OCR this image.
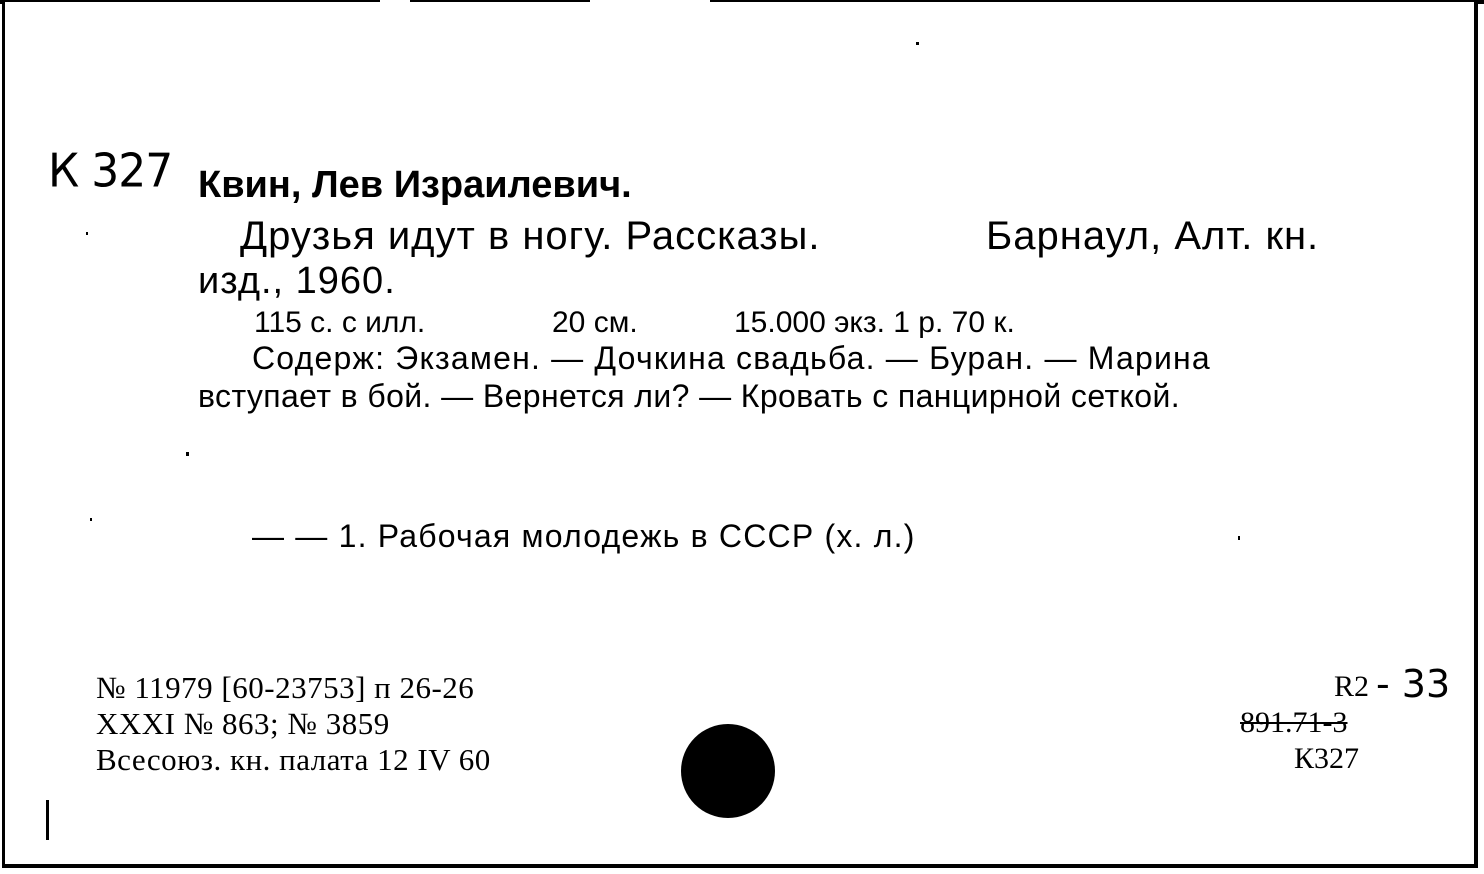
К 327 Квин, Лев Израилевич.
Друзья идут в ногу. Рассказы.	Барнаул, Алт. кн.
изд., 1960.
115 с. с илл.	20 см.	15.000 экз. 1 р. 70 к.
Содерж: Экзамен. — Дочкина свадьба. — Буран. — Марина
вступает в бой. — Вернется ли? — Кровать с панцирной сеткой.
— — 1. Рабочая молодежь в СССР (х. л.)
№ 11979 [60-23753] п 26-26
XXXI № 863; № 3859
Всесоюз. кн. палата 12 IV 60
R2 - 33
891.71-3
К327
